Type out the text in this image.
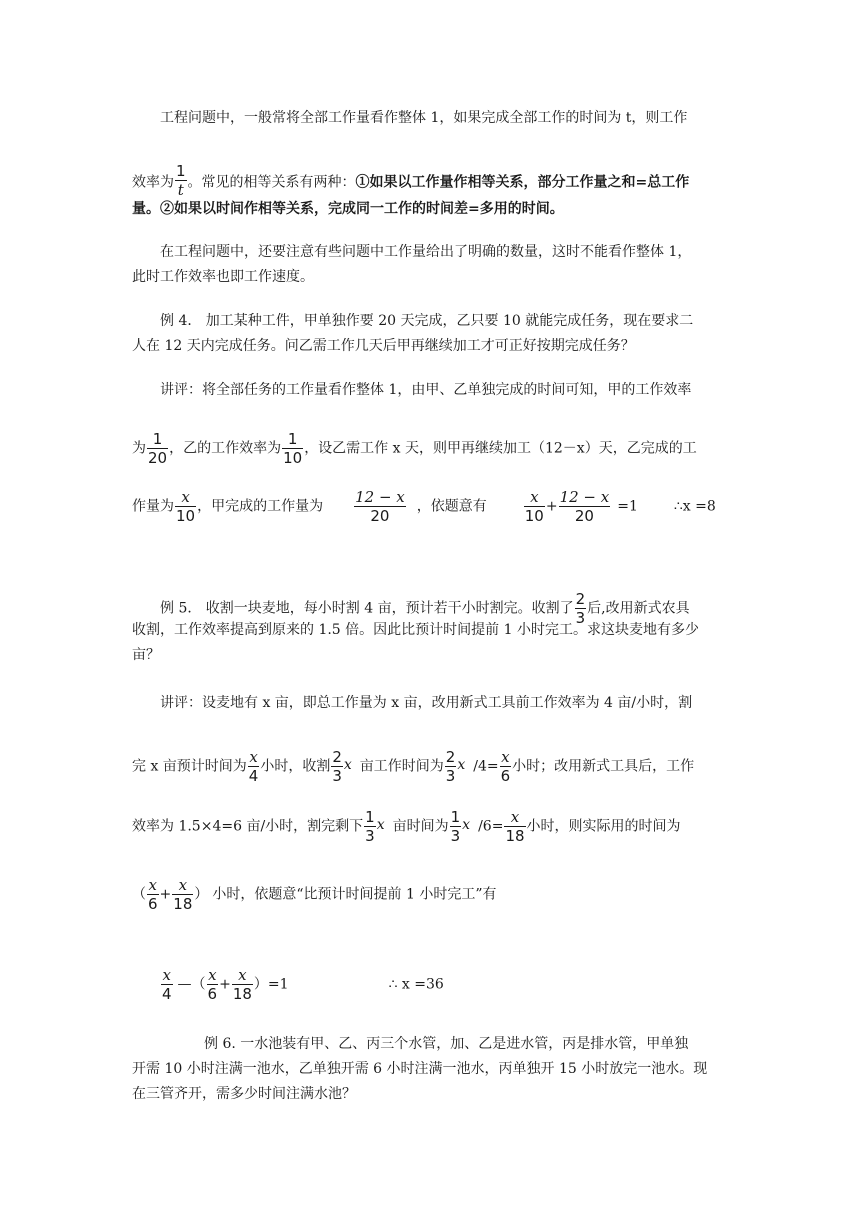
工程问题中，一般常将全部工作量看作整体 1，如果完成全部工作的时间为 t，则工作
效率为 $\frac{1}{t}$ 。常见的相等关系有两种：①如果以工作量作相等关系，部分工作量之和=总工作
量。②如果以时间作相等关系，完成同一工作的时间差=多用的时间。
在工程问题中，还要注意有些问题中工作量给出了明确的数量，这时不能看作整体 1，
此时工作效率也即工作速度。
例 4． 加工某种工件，甲单独作要 20 天完成，乙只要 10 就能完成任务，现在要求二
人在 12 天内完成任务。问乙需工作几天后甲再继续加工才可正好按期完成任务？
讲评：将全部任务的工作量看作整体 1，由甲、乙单独完成的时间可知，甲的工作效率
为 $\frac{1}{20}$ ，乙的工作效率为 $\frac{1}{10}$ ，设乙需工作 x 天，则甲再继续加工（12－x）天，乙完成的工
作量为 $\frac{x}{10}$ ，甲完成的工作量为 $\frac{12 - x}{20}$ ，依题意有 $\frac{x}{10} + \frac{12 - x}{20} =1$	∴x =8
例 5． 收割一块麦地，每小时割 4 亩，预计若干小时割完。收割了 $\frac{2}{3}$ 后,改用新式农具
收割，工作效率提高到原来的 1.5 倍。因此比预计时间提前 1 小时完工。求这块麦地有多少
亩？
讲评：设麦地有 x 亩，即总工作量为 x 亩，改用新式工具前工作效率为 4 亩/小时，割
完 x 亩预计时间为 $\frac{x}{4}$ 小时，收割 $\frac{2}{3}$ x 亩工作时间为 $\frac{2}{3}$ x $/4= \frac{x}{6}$ 小时；改用新式工具后，工作
效率为 1.5×4=6 亩/小时，割完剩下 $\frac{1}{3}$ x 亩时间为 $\frac{1}{3}$ x $/6= \frac{x}{18}$ 小时，则实际用的时间为
（ $\frac{x}{6} + \frac{x}{18}$ ） 小时，依题意“比预计时间提前 1 小时完工”有
$\frac{x}{4}$ —（ $\frac{x}{6} + \frac{x}{18} )=1$	∴ x =36
例 6. 一水池装有甲、乙、丙三个水管，加、乙是进水管，丙是排水管，甲单独
开需 10 小时注满一池水，乙单独开需 6 小时注满一池水，丙单独开 15 小时放完一池水。现
在三管齐开，需多少时间注满水池？
